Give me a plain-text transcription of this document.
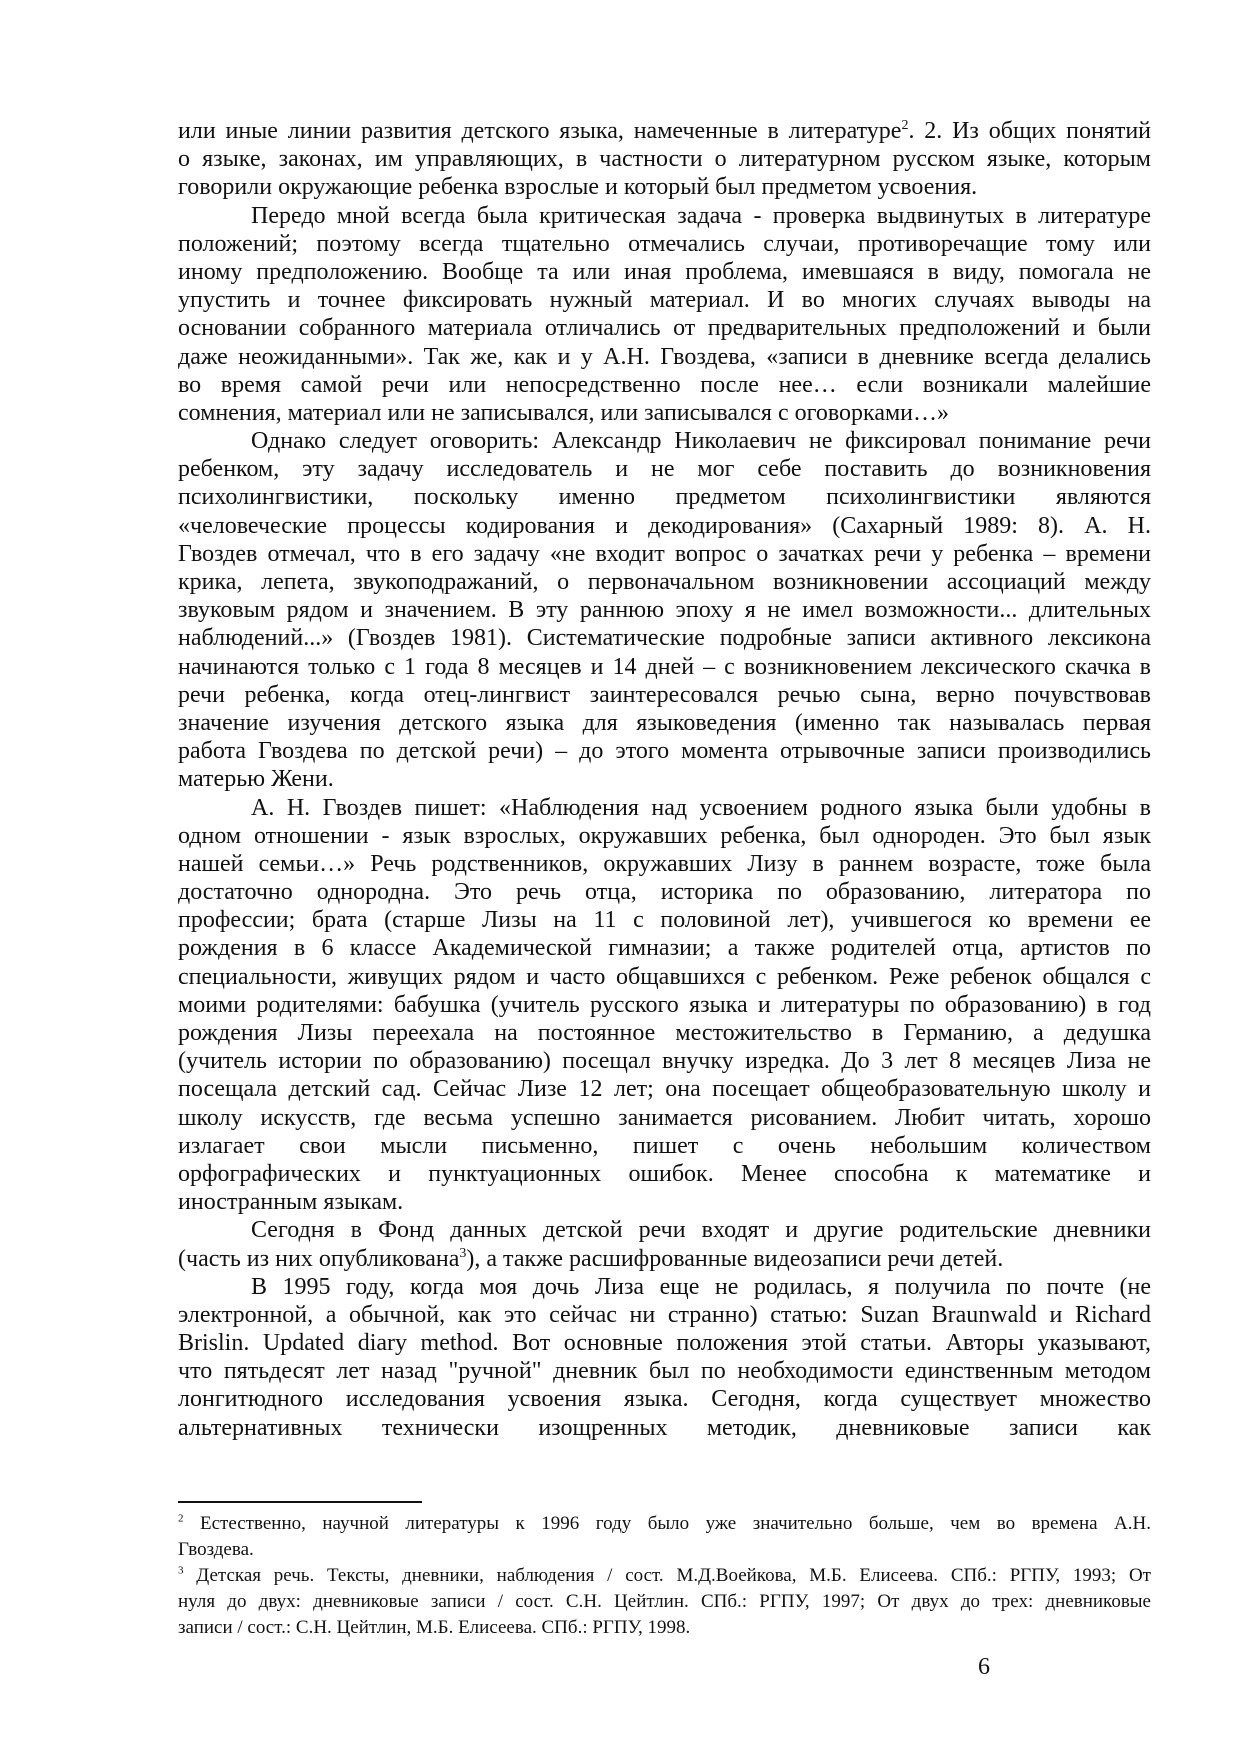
или иные линии развития детского языка, намеченные в литературе$^2$. 2. Из общих понятий
о языке, законах, им управляющих, в частности о литературном русском языке, которым
говорили окружающие ребенка взрослые и который был предметом усвоения.
Передо мной всегда была критическая задача - проверка выдвинутых в литературе
положений; поэтому всегда тщательно отмечались случаи, противоречащие тому или
иному предположению. Вообще та или иная проблема, имевшаяся в виду, помогала не
упустить и точнее фиксировать нужный материал. И во многих случаях выводы на
основании собранного материала отличались от предварительных предположений и были
даже неожиданными». Так же, как и у А.Н. Гвоздева, «записи в дневнике всегда делались
во время самой речи или непосредственно после нее… если возникали малейшие
сомнения, материал или не записывался, или записывался с оговорками…»
Однако следует оговорить: Александр Николаевич не фиксировал понимание речи
ребенком, эту задачу исследователь и не мог себе поставить до возникновения
психолингвистики, поскольку именно предметом психолингвистики являются
«человеческие процессы кодирования и декодирования» (Сахарный 1989: 8). А. Н.
Гвоздев отмечал, что в его задачу «не входит вопрос о зачатках речи у ребенка – времени
крика, лепета, звукоподражаний, о первоначальном возникновении ассоциаций между
звуковым рядом и значением. В эту раннюю эпоху я не имел возможности... длительных
наблюдений...» (Гвоздев 1981). Систематические подробные записи активного лексикона
начинаются только с 1 года 8 месяцев и 14 дней – с возникновением лексического скачка в
речи ребенка, когда отец-лингвист заинтересовался речью сына, верно почувствовав
значение изучения детского языка для языковедения (именно так называлась первая
работа Гвоздева по детской речи) – до этого момента отрывочные записи производились
матерью Жени.
А. Н. Гвоздев пишет: «Наблюдения над усвоением родного языка были удобны в
одном отношении - язык взрослых, окружавших ребенка, был однороден. Это был язык
нашей семьи…» Речь родственников, окружавших Лизу в раннем возрасте, тоже была
достаточно однородна. Это речь отца, историка по образованию, литератора по
профессии; брата (старше Лизы на 11 с половиной лет), учившегося ко времени ее
рождения в 6 классе Академической гимназии; а также родителей отца, артистов по
специальности, живущих рядом и часто общавшихся с ребенком. Реже ребенок общался с
моими родителями: бабушка (учитель русского языка и литературы по образованию) в год
рождения Лизы переехала на постоянное местожительство в Германию, а дедушка
(учитель истории по образованию) посещал внучку изредка. До 3 лет 8 месяцев Лиза не
посещала детский сад. Сейчас Лизе 12 лет; она посещает общеобразовательную школу и
школу искусств, где весьма успешно занимается рисованием. Любит читать, хорошо
излагает свои мысли письменно, пишет с очень небольшим количеством
орфографических и пунктуационных ошибок. Менее способна к математике и
иностранным языкам.
Сегодня в Фонд данных детской речи входят и другие родительские дневники
(часть из них опубликована$^3$), а также расшифрованные видеозаписи речи детей.
В 1995 году, когда моя дочь Лиза еще не родилась, я получила по почте (не
электронной, а обычной, как это сейчас ни странно) статью: Suzan Braunwald и Richard
Brislin. Updated diary method. Вот основные положения этой статьи. Авторы указывают,
что пятьдесят лет назад "ручной" дневник был по необходимости единственным методом
лонгитюдного исследования усвоения языка. Сегодня, когда существует множество
альтернативных технически изощренных методик, дневниковые записи как
$^2$ Естественно, научной литературы к 1996 году было уже значительно больше, чем во времена А.Н.
Гвоздева.
$^3$ Детская речь. Тексты, дневники, наблюдения / сост. М.Д.Воейкова, М.Б. Елисеева. СПб.: РГПУ, 1993; От
нуля до двух: дневниковые записи / сост. С.Н. Цейтлин. СПб.: РГПУ, 1997; От двух до трех: дневниковые
записи / сост.: С.Н. Цейтлин, М.Б. Елисеева. СПб.: РГПУ, 1998.
6
